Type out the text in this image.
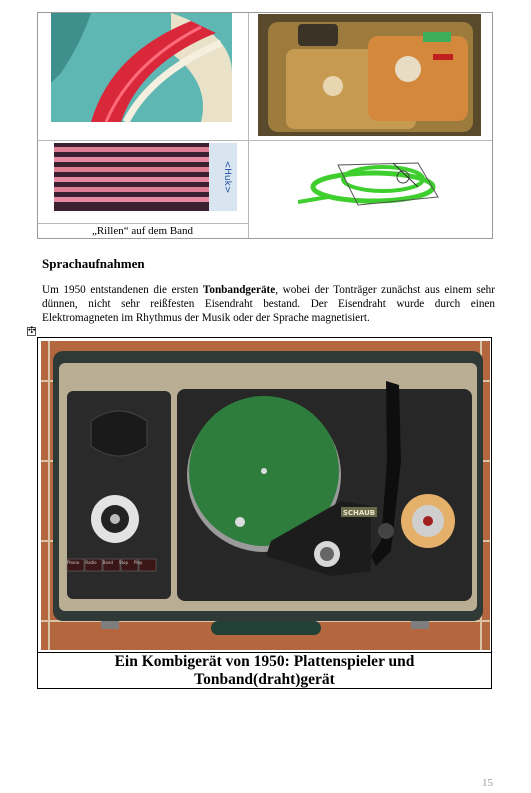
<Huk>
„Rillen“ auf dem Band
Sprachaufnahmen
Um 1950 entstandenen die ersten Tonbandgeräte, wobei der Tonträger zunächst aus einem sehr dünnen, nicht sehr reißfesten Eisendraht bestand. Der Eisendraht wurde durch einen Elektromagneten im Rhythmus der Musik oder der Sprache magnetisiert.
✣
SCHAUB
Phono Radio Band Stop Play
Ein Kombigerät von 1950: Plattenspieler und
Tonband(draht)gerät
15
